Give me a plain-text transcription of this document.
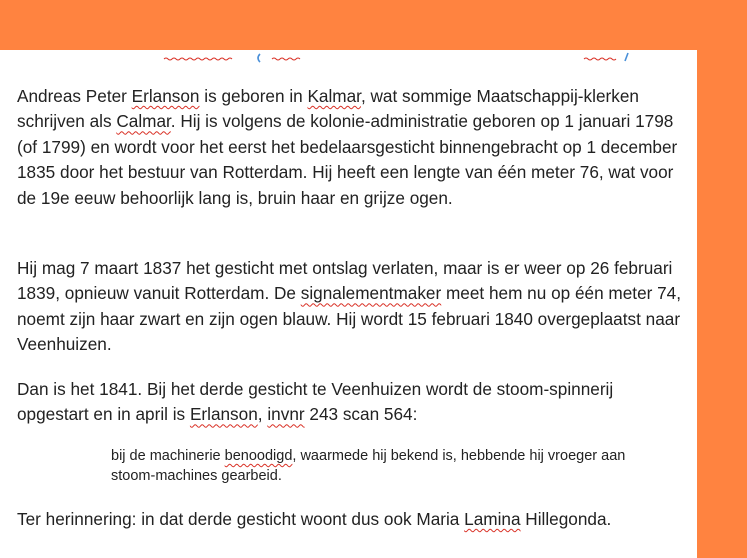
Andreas Peter Erlanson is geboren in Kalmar, wat sommige Maatschappij-klerken schrijven als Calmar. Hij is volgens de kolonie-administratie geboren op 1 januari 1798 (of 1799) en wordt voor het eerst het bedelaarsgesticht binnengebracht op 1 december 1835 door het bestuur van Rotterdam. Hij heeft een lengte van één meter 76, wat voor de 19e eeuw behoorlijk lang is, bruin haar en grijze ogen.

Hij mag 7 maart 1837 het gesticht met ontslag verlaten, maar is er weer op 26 februari 1839, opnieuw vanuit Rotterdam. De signalementmaker meet hem nu op één meter 74, noemt zijn haar zwart en zijn ogen blauw. Hij wordt 15 februari 1840 overgeplaatst naar Veenhuizen.

Dan is het 1841. Bij het derde gesticht te Veenhuizen wordt de stoom-spinnerij opgestart en in april is Erlanson, invnr 243 scan 564:

bij de machinerie benoodigd, waarmede hij bekend is, hebbende hij vroeger aan stoom-machines gearbeid.

Ter herinnering: in dat derde gesticht woont dus ook Maria Lamina Hillegonda.
